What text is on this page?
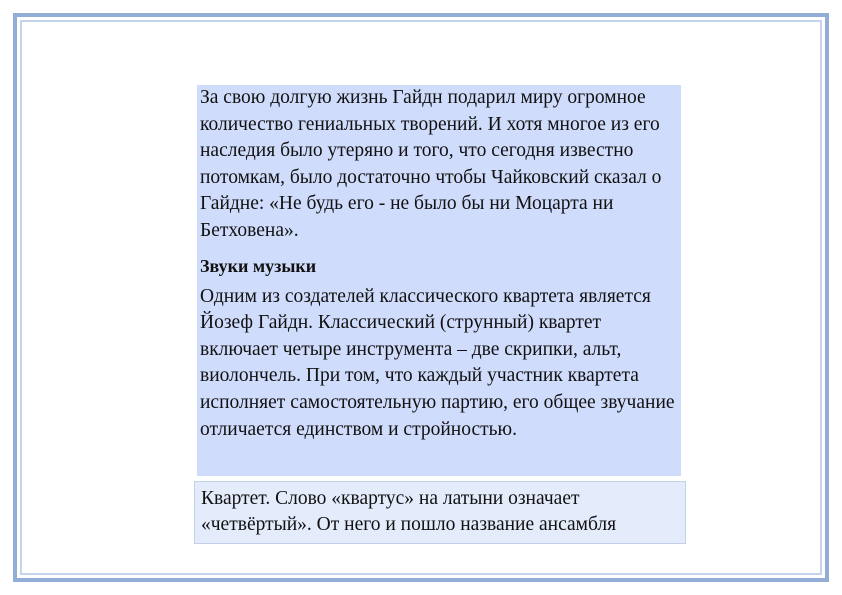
За свою долгую жизнь Гайдн подарил миру огромное количество гениальных творений. И хотя многое из его наследия было утеряно и того, что сегодня известно потомкам, было достаточно чтобы Чайковский сказал о Гайдне: «Не будь его - не было бы ни Моцарта ни Бетховена».

Звуки музыки

Одним из создателей классического квартета является Йозеф Гайдн. Классический (струнный) квартет включает четыре инструмента – две скрипки, альт, виолончель. При том, что каждый участник квартета исполняет самостоятельную партию, его общее звучание отличается единством и стройностью.

Квартет. Слово «квартус» на латыни означает «четвёртый». От него и пошло название ансамбля
